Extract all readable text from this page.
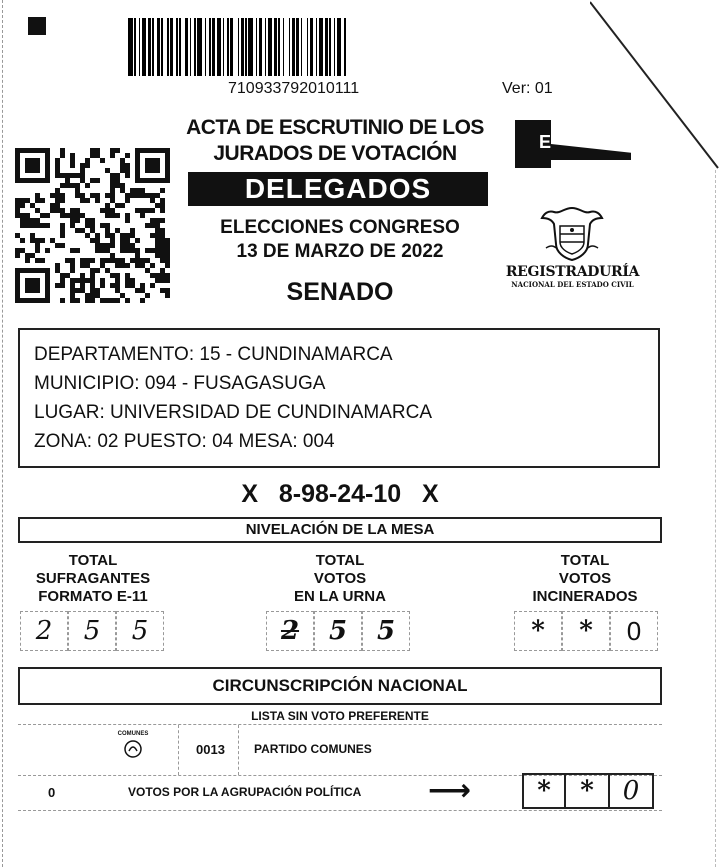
710933792010111	Ver: 01
ACTA DE ESCRUTINIO DE LOS
JURADOS DE VOTACIÓN
DELEGADOS
ELECCIONES CONGRESO
13 DE MARZO DE 2022
SENADO
E
REGISTRADURÍA
NACIONAL DEL ESTADO CIVIL
DEPARTAMENTO: 15 - CUNDINAMARCA
MUNICIPIO: 094 - FUSAGASUGA
LUGAR: UNIVERSIDAD DE CUNDINAMARCA
ZONA: 02 PUESTO: 04 MESA: 004
X   8-98-24-10   X
NIVELACIÓN DE LA MESA
TOTAL
SUFRAGANTES
FORMATO E-11
TOTAL
VOTOS
EN LA URNA
TOTAL
VOTOS
INCINERADOS
2	5	5	2	5	5	*	*	0
CIRCUNSCRIPCIÓN NACIONAL
LISTA SIN VOTO PREFERENTE
COMUNES
0013 PARTIDO COMUNES
0	VOTOS POR LA AGRUPACIÓN POLÍTICA ⟶	*	*	0
